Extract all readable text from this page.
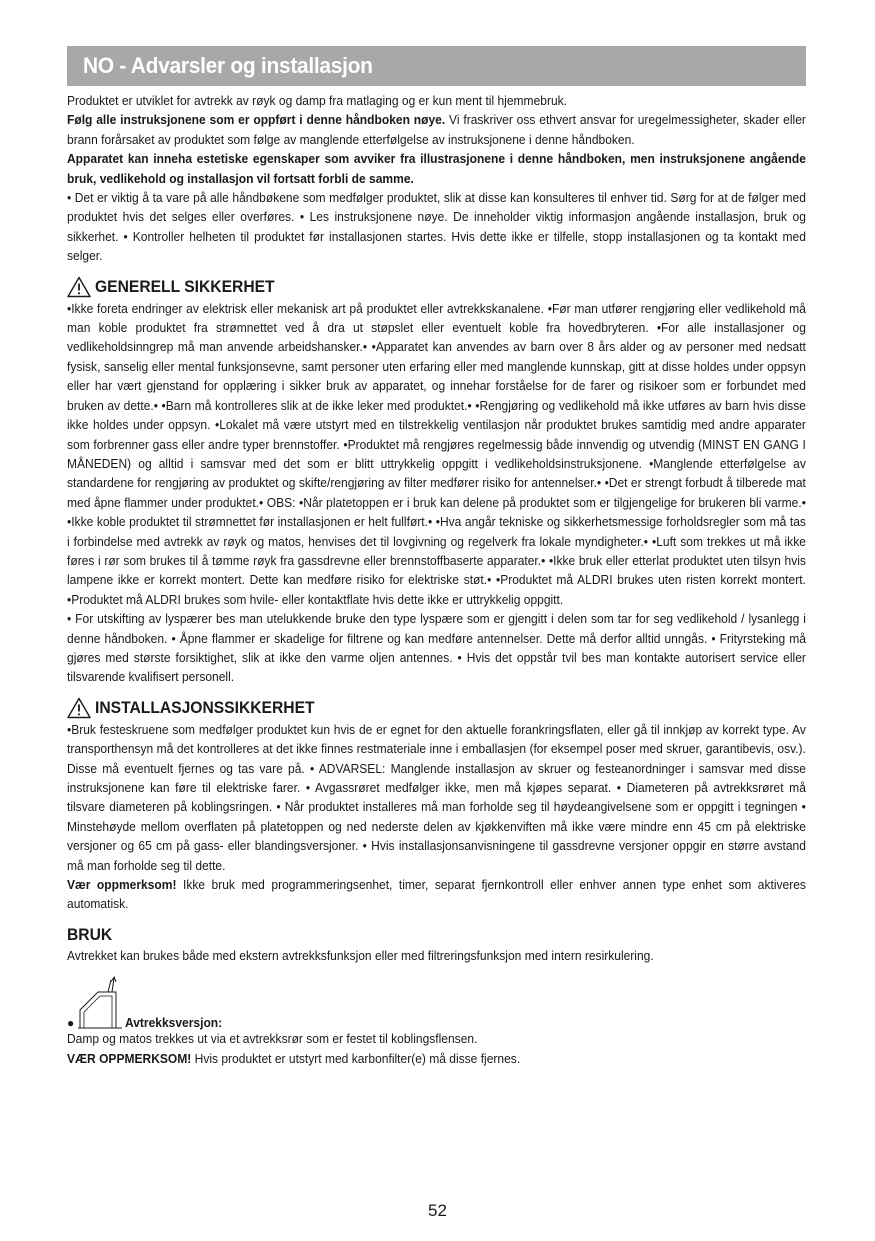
NO - Advarsler og installasjon

Produktet er utviklet for avtrekk av røyk og damp fra matlaging og er kun ment til hjemmebruk.

Følg alle instruksjonene som er oppført i denne håndboken nøye. Vi fraskriver oss ethvert ansvar for uregelmessigheter, skader eller brann forårsaket av produktet som følge av manglende etterfølgelse av instruksjonene i denne håndboken.

Apparatet kan inneha estetiske egenskaper som avviker fra illustrasjonene i denne håndboken, men instruksjonene angående bruk, vedlikehold og installasjon vil fortsatt forbli de samme.

• Det er viktig å ta vare på alle håndbøkene som medfølger produktet, slik at disse kan konsulteres til enhver tid. Sørg for at de følger med produktet hvis det selges eller overføres. • Les instruksjonene nøye. De inneholder viktig informasjon angående installasjon, bruk og sikkerhet. • Kontroller helheten til produktet før installasjonen startes. Hvis dette ikke er tilfelle, stopp installasjonen og ta kontakt med selger.

GENERELL SIKKERHET

•Ikke foreta endringer av elektrisk eller mekanisk art på produktet eller avtrekkskanalene. •Før man utfører rengjøring eller vedlikehold må man koble produktet fra strømnettet ved å dra ut støpslet eller eventuelt koble fra hovedbryteren. •For alle installasjoner og vedlikeholdsinngrep må man anvende arbeidshansker.• •Apparatet kan anvendes av barn over 8 års alder og av personer med nedsatt fysisk, sanselig eller mental funksjonsevne, samt personer uten erfaring eller med manglende kunnskap, gitt at disse holdes under oppsyn eller har vært gjenstand for opplæring i sikker bruk av apparatet, og innehar forståelse for de farer og risikoer som er forbundet med bruken av dette.• •Barn må kontrolleres slik at de ikke leker med produktet.• •Rengjøring og vedlikehold må ikke utføres av barn hvis disse ikke holdes under oppsyn. •Lokalet må være utstyrt med en tilstrekkelig ventilasjon når produktet brukes samtidig med andre apparater som forbrenner gass eller andre typer brennstoffer. •Produktet må rengjøres regelmessig både innvendig og utvendig (MINST EN GANG I MÅNEDEN) og alltid i samsvar med det som er blitt uttrykkelig oppgitt i vedlikeholdsinstruksjonene. •Manglende etterfølgelse av standardene for rengjøring av produktet og skifte/rengjøring av filter medfører risiko for antennelser.• •Det er strengt forbudt å tilberede mat med åpne flammer under produktet.• OBS: •Når platetoppen er i bruk kan delene på produktet som er tilgjengelige for brukeren bli varme.• •Ikke koble produktet til strømnettet før installasjonen er helt fullført.• •Hva angår tekniske og sikkerhetsmessige forholdsregler som må tas i forbindelse med avtrekk av røyk og matos, henvises det til lovgivning og regelverk fra lokale myndigheter.• •Luft som trekkes ut må ikke føres i rør som brukes til å tømme røyk fra gassdrevne eller brennstoffbaserte apparater.• •Ikke bruk eller etterlat produktet uten tilsyn hvis lampene ikke er korrekt montert. Dette kan medføre risiko for elektriske støt.• •Produktet må ALDRI brukes uten risten korrekt montert. •Produktet må ALDRI brukes som hvile- eller kontaktflate hvis dette ikke er uttrykkelig oppgitt.

• For utskifting av lyspærer bes man utelukkende bruke den type lyspære som er gjengitt i delen som tar for seg vedlikehold / lysanlegg i denne håndboken. • Åpne flammer er skadelige for filtrene og kan medføre antennelser. Dette må derfor alltid unngås. • Frityrsteking må gjøres med største forsiktighet, slik at ikke den varme oljen antennes. • Hvis det oppstår tvil bes man kontakte autorisert service eller tilsvarende kvalifisert personell.

INSTALLASJONSSIKKERHET

•Bruk festeskruene som medfølger produktet kun hvis de er egnet for den aktuelle forankringsflaten, eller gå til innkjøp av korrekt type. Av transporthensyn må det kontrolleres at det ikke finnes restmateriale inne i emballasjen (for eksempel poser med skruer, garantibevis, osv.). Disse må eventuelt fjernes og tas vare på. • ADVARSEL: Manglende installasjon av skruer og festeanordninger i samsvar med disse instruksjonene kan føre til elektriske farer. • Avgassrøret medfølger ikke, men må kjøpes separat. • Diameteren på avtrekksrøret må tilsvare diameteren på koblingsringen. • Når produktet installeres må man forholde seg til høydeangivelsene som er oppgitt i tegningen • Minstehøyde mellom overflaten på platetoppen og ned nederste delen av kjøkkenviften må ikke være mindre enn 45 cm på elektriske versjoner og 65 cm på gass- eller blandingsversjoner. • Hvis installasjonsanvisningene til gassdrevne versjoner oppgir en større avstand må man forholde seg til dette.

Vær oppmerksom! Ikke bruk med programmeringsenhet, timer, separat fjernkontroll eller enhver annen type enhet som aktiveres automatisk.

BRUK

Avtrekket kan brukes både med ekstern avtrekksfunksjon eller med filtreringsfunksjon med intern resirkulering.

●	Avtrekksversjon:

Damp og matos trekkes ut via et avtrekksrør som er festet til koblingsflensen.

VÆR OPPMERKSOM! Hvis produktet er utstyrt med karbonfilter(e) må disse fjernes.

52
